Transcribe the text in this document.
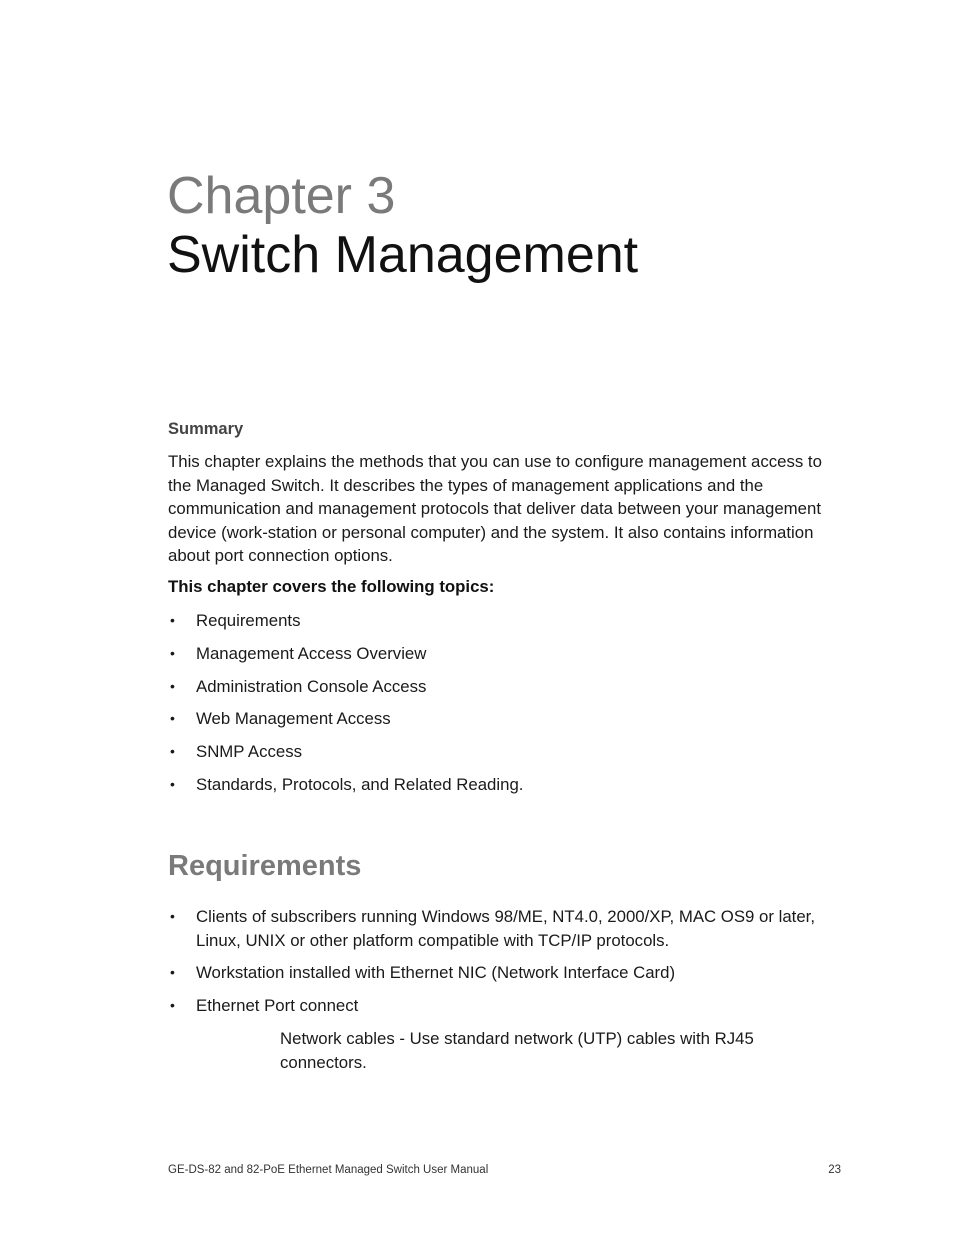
Chapter 3
Switch Management
Summary

This chapter explains the methods that you can use to configure management access to the Managed Switch. It describes the types of management applications and the communication and management protocols that deliver data between your management device (work-station or personal computer) and the system. It also contains information about port connection options.

This chapter covers the following topics:

• Requirements
• Management Access Overview
• Administration Console Access
• Web Management Access
• SNMP Access
• Standards, Protocols, and Related Reading.
Requirements
• Clients of subscribers running Windows 98/ME, NT4.0, 2000/XP, MAC OS9 or later, Linux, UNIX or other platform compatible with TCP/IP protocols.
• Workstation installed with Ethernet NIC (Network Interface Card)
• Ethernet Port connect

Network cables - Use standard network (UTP) cables with RJ45 connectors.

GE-DS-82 and 82-PoE Ethernet Managed Switch User Manual	23
